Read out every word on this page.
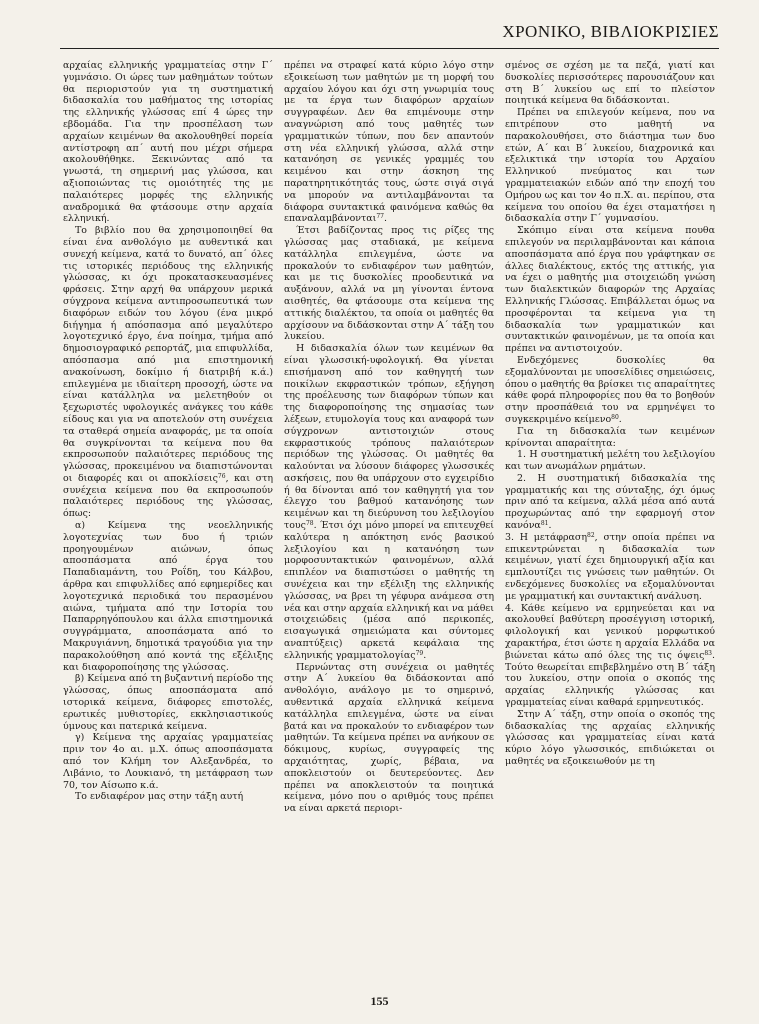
ΧΡΟΝΙΚΟ, ΒΙΒΛΙΟΚΡΙΣΙΕΣ

αρχαίας ελληνικής γραμματείας στην Γ΄ γυμνάσιο. Οι ώρες των μαθημάτων τούτων θα περιοριστούν για τη συστηματική διδασκαλία του μαθήματος της ιστορίας της ελληνικής γλώσσας επί 4 ώρες την εβδομάδα. Για την προσπέλαση των αρχαίων κειμένων θα ακολουθηθεί πορεία αντίστροφη απ΄ αυτή που μέχρι σήμερα ακολουθήθηκε. Ξεκινώντας από τα γνωστά, τη σημερινή μας γλώσσα, και αξιοποιώντας τις ομοιότητές της με παλαιότερες μορφές της ελληνικής αναδρομικά θα φτάσουμε στην αρχαία ελληνική.

Το βιβλίο που θα χρησιμοποιηθεί θα είναι ένα ανθολόγιο με αυθεντικά και συνεχή κείμενα, κατά το δυνατό, απ΄ όλες τις ιστορικές περιόδους της ελληνικής γλώσσας, κι όχι προκατασκευασμένες φράσεις. Στην αρχή θα υπάρχουν μερικά σύγχρονα κείμενα αντιπροσωπευτικά των διαφόρων ειδών του λόγου (ένα μικρό διήγημα ή απόσπασμα από μεγαλύτερο λογοτεχνικό έργο, ένα ποίημα, τμήμα από δημοσιογραφικό ρεπορτάζ, μια επιφυλλίδα, απόσπασμα από μια επιστημονική ανακοίνωση, δοκίμιο ή διατριβή κ.ά.) επιλεγμένα με ιδιαίτερη προσοχή, ώστε να είναι κατάλληλα να μελετηθούν οι ξεχωριστές υφολογικές ανάγκες του κάθε είδους και για να αποτελούν στη συνέχεια τα σταθερά σημεία αναφοράς, με τα οποία θα συγκρίνονται τα κείμενα που θα εκπροσωπούν παλαιότερες περιόδους της γλώσσας, προκειμένου να διαπιστώνονται οι διαφορές και οι αποκλίσεις$^{76}$, και στη συνέχεια κείμενα που θα εκπροσωπούν παλαιότερες περιόδους της γλώσσας, όπως:

α) Κείμενα της νεοελληνικής λογοτεχνίας των δυο ή τριών προηγουμένων αιώνων, όπως αποσπάσματα από έργα του Παπαδιαμάντη, του Ροΐδη, του Κάλβου, άρθρα και επιφυλλίδες από εφημερίδες και λογοτεχνικά περιοδικά του περασμένου αιώνα, τμήματα από την Ιστορία του Παπαρρηγόπουλου και άλλα επιστημονικά συγγράμματα, αποσπάσματα από το Μακρυγιάννη, δημοτικά τραγούδια για την παρακολούθηση από κοντά της εξέλιξης και διαφοροποίησης της γλώσσας.

β) Κείμενα από τη βυζαντινή περίοδο της γλώσσας, όπως αποσπάσματα από ιστορικά κείμενα, διάφορες επιστολές, ερωτικές μυθιστορίες, εκκλησιαστικούς ύμνους και πατερικά κείμενα.

γ) Κείμενα της αρχαίας γραμματείας πριν τον 4ο αι. μ.Χ. όπως αποσπάσματα από τον Κλήμη τον Αλεξανδρέα, το Λιβάνιο, το Λουκιανό, τη μετάφραση των 70, τον Αίσωπο κ.ά.

Το ενδιαφέρον μας στην τάξη αυτή

πρέπει να στραφεί κατά κύριο λόγο στην εξοικείωση των μαθητών με τη μορφή του αρχαίου λόγου και όχι στη γνωριμία τους με τα έργα των διαφόρων αρχαίων συγγραφέων. Δεν θα επιμένουμε στην αναγνώριση από τους μαθητές των γραμματικών τύπων, που δεν απαντούν στη νέα ελληνική γλώσσα, αλλά στην κατανόηση σε γενικές γραμμές του κειμένου και στην άσκηση της παρατηρητικότητάς τους, ώστε σιγά σιγά να μπορούν να αντιλαμβάνονται τα διάφορα συντακτικά φαινόμενα καθώς θα επαναλαμβάνονται$^{77}$.

Έτσι βαδίζοντας προς τις ρίζες της γλώσσας μας σταδιακά, με κείμενα κατάλληλα επιλεγμένα, ώστε να προκαλούν το ενδιαφέρον των μαθητών, και με τις δυσκολίες προοδευτικά να αυξάνουν, αλλά να μη γίνονται έντονα αισθητές, θα φτάσουμε στα κείμενα της αττικής διαλέκτου, τα οποία οι μαθητές θα αρχίσουν να διδάσκονται στην Α΄ τάξη του λυκείου.

Η διδασκαλία όλων των κειμένων θα είναι γλωσσική-υφολογική. Θα γίνεται επισήμανση από τον καθηγητή των ποικίλων εκφραστικών τρόπων, εξήγηση της προέλευσης των διαφόρων τύπων και της διαφοροποίησης της σημασίας των λέξεων, ετυμολογία τους και αναφορά των σύγχρονων αντιστοιχιών στους εκφραστικούς τρόπους παλαιότερων περιόδων της γλώσσας. Οι μαθητές θα καλούνται να λύσουν διάφορες γλωσσικές ασκήσεις, που θα υπάρχουν στο εγχειρίδιο ή θα δίνονται από τον καθηγητή για τον έλεγχο του βαθμού κατανόησης των κειμένων και τη διεύρυνση του λεξιλογίου τους$^{78}$. Έτσι όχι μόνο μπορεί να επιτευχθεί καλύτερα η απόκτηση ενός βασικού λεξιλογίου και η κατανόηση των μορφοσυντακτικών φαινομένων, αλλά επιπλέον να διαπιστώσει ο μαθητής τη συνέχεια και την εξέλιξη της ελληνικής γλώσσας, να βρει τη γέφυρα ανάμεσα στη νέα και στην αρχαία ελληνική και να μάθει στοιχειώδεις (μέσα από περικοπές, εισαγωγικά σημειώματα και σύντομες αναπτύξεις) αρκετά κεφάλαια της ελληνικής γραμματολογίας$^{79}$.

Περνώντας στη συνέχεια οι μαθητές στην Α΄ λυκείου θα διδάσκονται από ανθολόγιο, ανάλογο με το σημερινό, αυθεντικά αρχαία ελληνικά κείμενα κατάλληλα επιλεγμένα, ώστε να είναι βατά και να προκαλούν το ενδιαφέρον των μαθητών. Τα κείμενα πρέπει να ανήκουν σε δόκιμους, κυρίως, συγγραφείς της αρχαιότητας, χωρίς, βέβαια, να αποκλειστούν οι δευτερεύοντες. Δεν πρέπει να αποκλειστούν τα ποιητικά κείμενα, μόνο που ο αριθμός τους πρέπει να είναι αρκετά περιορι-

σμένος σε σχέση με τα πεζά, γιατί και δυσκολίες περισσότερες παρουσιάζουν και στη Β΄ λυκείου ως επί το πλείστον ποιητικά κείμενα θα διδάσκονται.

Πρέπει να επιλεγούν κείμενα, που να επιτρέπουν στο μαθητή να παρακολουθήσει, στο διάστημα των δυο ετών, Α΄ και Β΄ λυκείου, διαχρονικά και εξελικτικά την ιστορία του Αρχαίου Ελληνικού πνεύματος και των γραμματειακών ειδών από την εποχή του Ομήρου ως και τον 4ο π.Χ. αι. περίπου, στα κείμενα του οποίου θα έχει σταματήσει η διδασκαλία στην Γ΄ γυμνασίου.

Σκόπιμο είναι στα κείμενα πουθα επιλεγούν να περιλαμβάνονται και κάποια αποσπάσματα από έργα που γράφτηκαν σε άλλες διαλέκτους, εκτός της αττικής, για να έχει ο μαθητής μια στοιχειώδη γνώση των διαλεκτικών διαφορών της Αρχαίας Ελληνικής Γλώσσας. Επιβάλλεται όμως να προσφέρονται τα κείμενα για τη διδασκαλία των γραμματικών και συντακτικών φαινομένων, με τα οποία και πρέπει να αντιστοιχούν.

Ενδεχόμενες δυσκολίες θα εξομαλύνονται με υποσελίδιες σημειώσεις, όπου ο μαθητής θα βρίσκει τις απαραίτητες κάθε φορά πληροφορίες που θα το βοηθούν στην προσπάθειά του να ερμηνέψει το συγκεκριμένο κείμενο$^{80}$.

Για τη διδασκαλία των κειμένων κρίνονται απαραίτητα:

1. Η συστηματική μελέτη του λεξιλογίου και των ανωμάλων ρημάτων.

2. Η συστηματική διδασκαλία της γραμματικής και της σύνταξης, όχι όμως πριν από τα κείμενα, αλλά μέσα από αυτά προχωρώντας από την εφαρμογή στον κανόνα$^{81}$.

3. Η μετάφραση$^{82}$, στην οποία πρέπει να επικεντρώνεται η διδασκαλία των κειμένων, γιατί έχει δημιουργική αξία και εμπλουτίζει τις γνώσεις των μαθητών. Οι ενδεχόμενες δυσκολίες να εξομαλύνονται με γραμματική και συντακτική ανάλυση.

4. Κάθε κείμενο να ερμηνεύεται και να ακολουθεί βαθύτερη προσέγγιση ιστορική, φιλολογική και γενικού μορφωτικού χαρακτήρα, έτσι ώστε η αρχαία Ελλάδα να βιώνεται κάτω από όλες της τις όψεις$^{83}$. Τούτο θεωρείται επιβεβλημένο στη Β΄ τάξη του λυκείου, στην οποία ο σκοπός της αρχαίας ελληνικής γλώσσας και γραμματείας είναι καθαρά ερμηνευτικός.

Στην Α΄ τάξη, στην οποία ο σκοπός της διδασκαλίας της αρχαίας ελληνικής γλώσσας και γραμματείας είναι κατά κύριο λόγο γλωσσικός, επιδιώκεται οι μαθητές να εξοικειωθούν με τη

155
